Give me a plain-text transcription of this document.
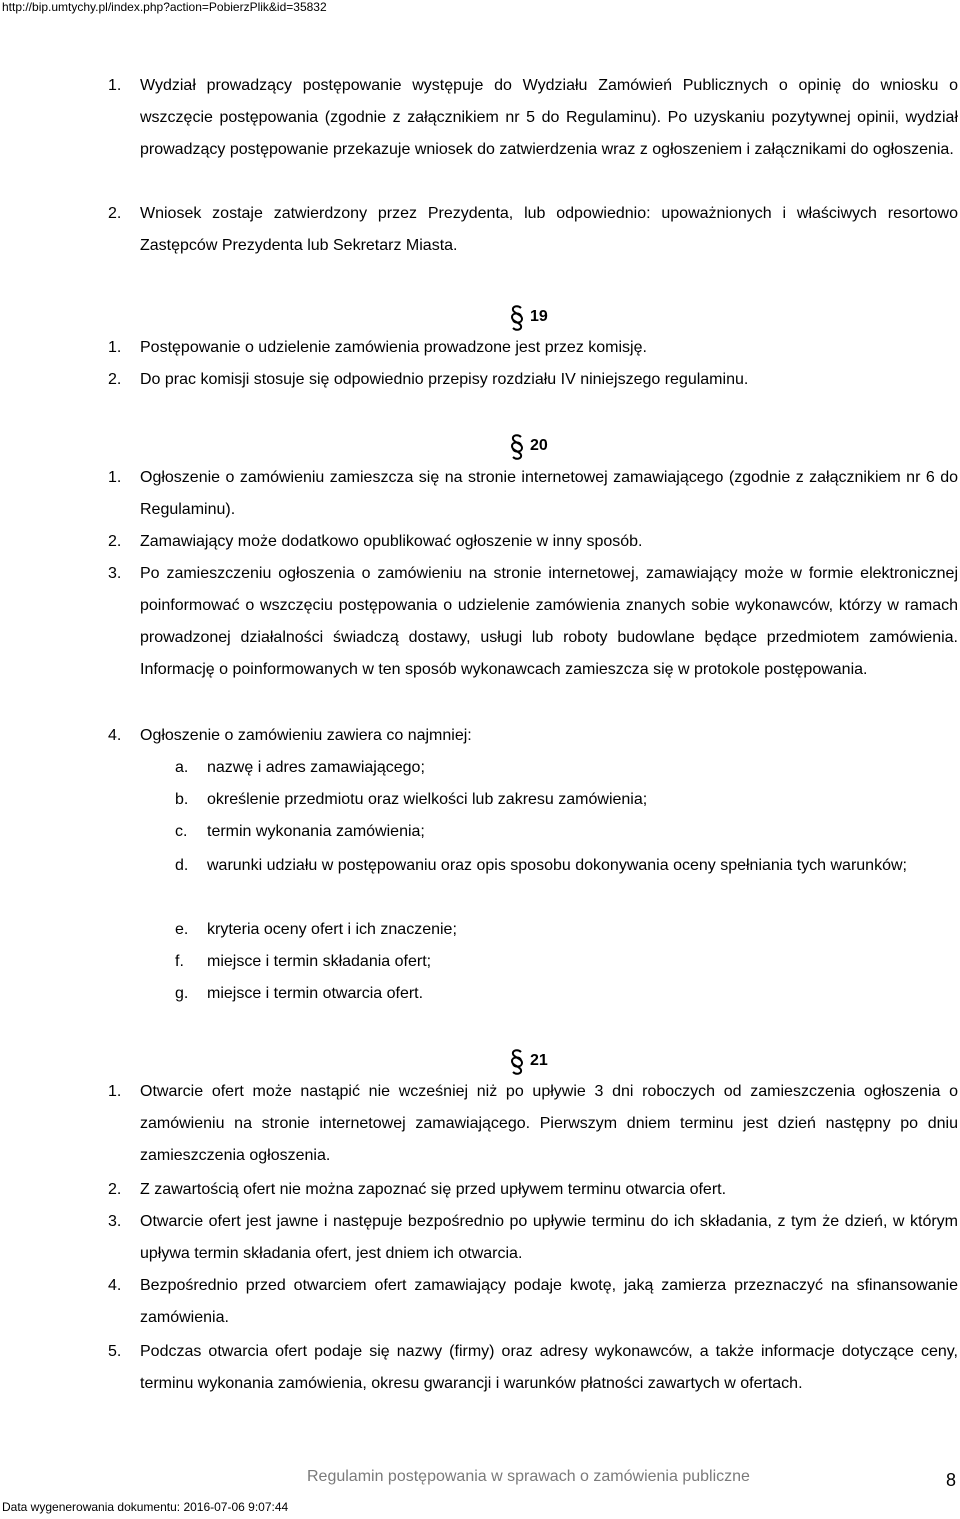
http://bip.umtychy.pl/index.php?action=PobierzPlik&id=35832
1. Wydział prowadzący postępowanie występuje do Wydziału Zamówień Publicznych o opinię do wniosku o wszczęcie postępowania (zgodnie z załącznikiem nr 5 do Regulaminu). Po uzyskaniu pozytywnej opinii, wydział prowadzący postępowanie przekazuje wniosek do zatwierdzenia wraz z ogłoszeniem i załącznikami do ogłoszenia.
2. Wniosek zostaje zatwierdzony przez Prezydenta, lub odpowiednio: upoważnionych i właściwych resortowo Zastępców Prezydenta lub Sekretarz Miasta.
19
1. Postępowanie o udzielenie zamówienia prowadzone jest przez komisję.
2. Do prac komisji stosuje się odpowiednio przepisy rozdziału IV niniejszego regulaminu.
20
1. Ogłoszenie o zamówieniu zamieszcza się na stronie internetowej zamawiającego (zgodnie z załącznikiem nr 6 do Regulaminu).
2. Zamawiający może dodatkowo opublikować ogłoszenie w inny sposób.
3. Po zamieszczeniu ogłoszenia o zamówieniu na stronie internetowej, zamawiający może w formie elektronicznej poinformować o wszczęciu postępowania o udzielenie zamówienia znanych sobie wykonawców, którzy w ramach prowadzonej działalności świadczą dostawy, usługi lub roboty budowlane będące przedmiotem zamówienia. Informację o poinformowanych w ten sposób wykonawcach zamieszcza się w protokole postępowania.
4. Ogłoszenie o zamówieniu zawiera co najmniej:
a. nazwę i adres zamawiającego;
b. określenie przedmiotu oraz wielkości lub zakresu zamówienia;
c. termin wykonania zamówienia;
d. warunki udziału w postępowaniu oraz opis sposobu dokonywania oceny spełniania tych warunków;
e. kryteria oceny ofert i ich znaczenie;
f. miejsce i termin składania ofert;
g. miejsce i termin otwarcia ofert.
21
1. Otwarcie ofert może nastąpić nie wcześniej niż po upływie 3 dni roboczych od zamieszczenia ogłoszenia o zamówieniu na stronie internetowej zamawiającego. Pierwszym dniem terminu jest dzień następny po dniu zamieszczenia ogłoszenia.
2. Z zawartością ofert nie można zapoznać się przed upływem terminu otwarcia ofert.
3. Otwarcie ofert jest jawne i następuje bezpośrednio po upływie terminu do ich składania, z tym że dzień, w którym upływa termin składania ofert, jest dniem ich otwarcia.
4. Bezpośrednio przed otwarciem ofert zamawiający podaje kwotę, jaką zamierza przeznaczyć na sfinansowanie zamówienia.
5. Podczas otwarcia ofert podaje się nazwy (firmy) oraz adresy wykonawców, a także informacje dotyczące ceny, terminu wykonania zamówienia, okresu gwarancji i warunków płatności zawartych w ofertach.
Regulamin postępowania w sprawach o zamówienia publiczne	8
Data wygenerowania dokumentu: 2016-07-06 9:07:44
